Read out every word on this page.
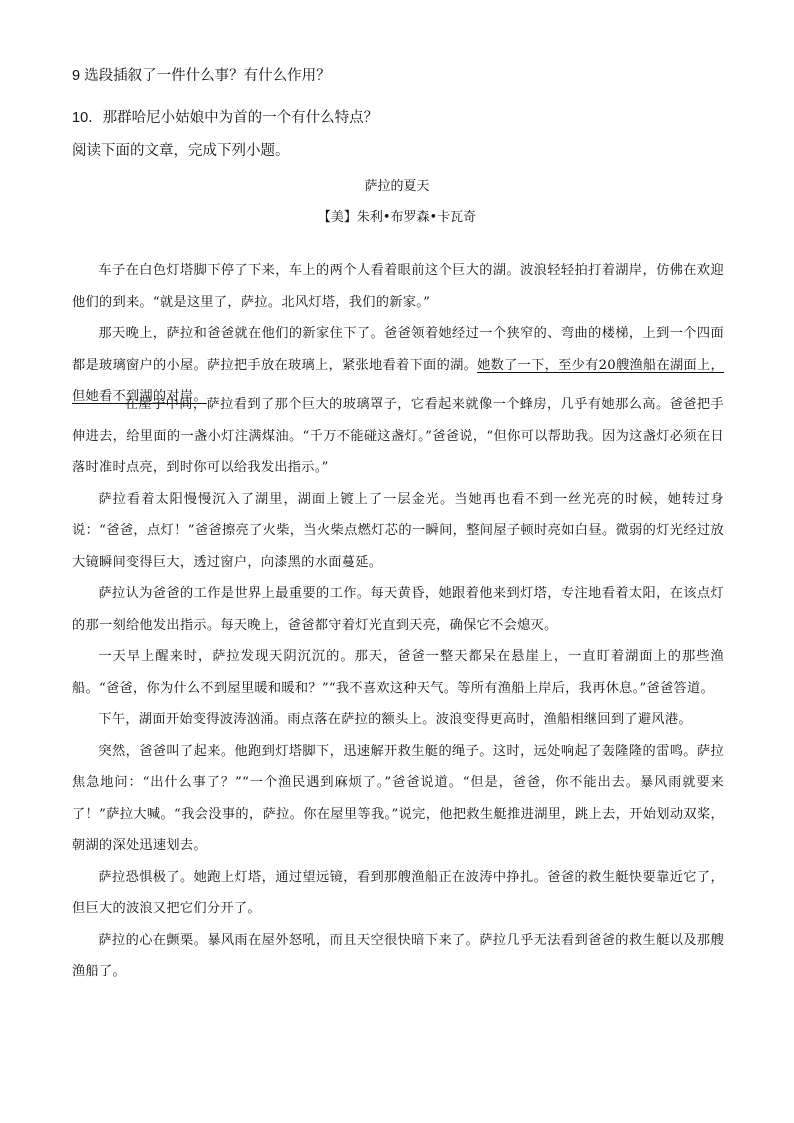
9 选段插叙了一件什么事？有什么作用？
10．那群哈尼小姑娘中为首的一个有什么特点？
阅读下面的文章，完成下列小题。
萨拉的夏天
【美】朱利•布罗森•卡瓦奇

车子在白色灯塔脚下停了下来，车上的两个人看着眼前这个巨大的湖。波浪轻轻拍打着湖岸，仿佛在欢迎他们的到来。“就是这里了，萨拉。北风灯塔，我们的新家。”

那天晚上，萨拉和爸爸就在他们的新家住下了。爸爸领着她经过一个狭窄的、弯曲的楼梯，上到一个四面都是玻璃窗户的小屋。萨拉把手放在玻璃上，紧张地看着下面的湖。她数了一下，至少有20艘渔船在湖面上，但她看不到湖的对岸。

在屋子中间，萨拉看到了那个巨大的玻璃罩子，它看起来就像一个蜂房，几乎有她那么高。爸爸把手伸进去，给里面的一盏小灯注满煤油。“千万不能碰这盏灯。”爸爸说，“但你可以帮助我。因为这盏灯必须在日落时准时点亮，到时你可以给我发出指示。”

萨拉看着太阳慢慢沉入了湖里，湖面上镀上了一层金光。当她再也看不到一丝光亮的时候，她转过身说：“爸爸，点灯！”爸爸擦亮了火柴，当火柴点燃灯芯的一瞬间，整间屋子顿时亮如白昼。微弱的灯光经过放大镜瞬间变得巨大，透过窗户，向漆黑的水面蔓延。

萨拉认为爸爸的工作是世界上最重要的工作。每天黄昏，她跟着他来到灯塔，专注地看着太阳，在该点灯的那一刻给他发出指示。每天晚上，爸爸都守着灯光直到天亮，确保它不会熄灭。

一天早上醒来时，萨拉发现天阴沉沉的。那天，爸爸一整天都呆在悬崖上，一直盯着湖面上的那些渔船。“爸爸，你为什么不到屋里暖和暖和？”“我不喜欢这种天气。等所有渔船上岸后，我再休息。”爸爸答道。

下午，湖面开始变得波涛汹涌。雨点落在萨拉的额头上。波浪变得更高时，渔船相继回到了避风港。

突然，爸爸叫了起来。他跑到灯塔脚下，迅速解开救生艇的绳子。这时，远处响起了轰隆隆的雷鸣。萨拉焦急地问：“出什么事了？”“一个渔民遇到麻烦了。”爸爸说道。“但是，爸爸，你不能出去。暴风雨就要来了！”萨拉大喊。“我会没事的，萨拉。你在屋里等我。”说完，他把救生艇推进湖里，跳上去，开始划动双桨，朝湖的深处迅速划去。

萨拉恐惧极了。她跑上灯塔，通过望远镜，看到那艘渔船正在波涛中挣扎。爸爸的救生艇快要靠近它了，但巨大的波浪又把它们分开了。

萨拉的心在颤栗。暴风雨在屋外怒吼，而且天空很快暗下来了。萨拉几乎无法看到爸爸的救生艇以及那艘渔船了。
